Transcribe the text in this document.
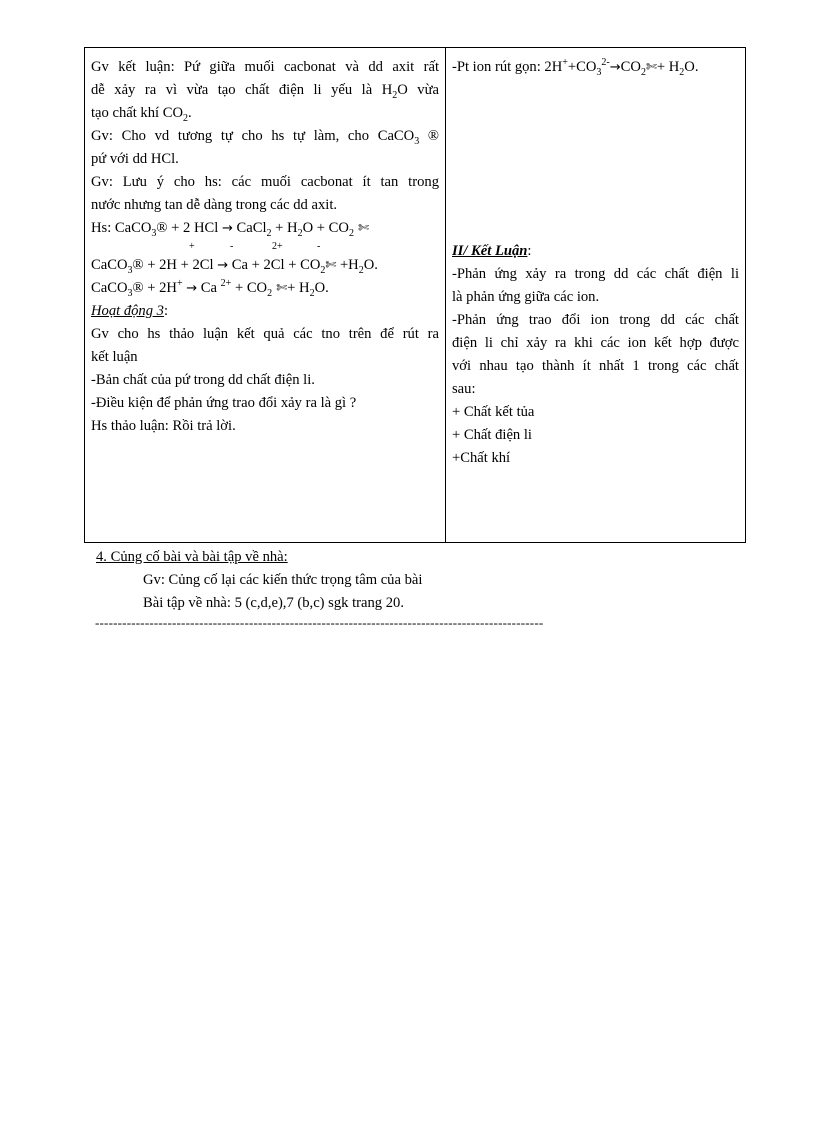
Gv kết luận: Pứ giữa muối cacbonat và dd axit rất
dễ xảy ra vì vừa tạo chất điện li yếu là $H_2O$ vừa
tạo chất khí $CO_2$.
Gv: Cho vd tương tự cho hs tự làm, cho CaCO$_3$ ®
pứ với dd HCl.
Gv: Lưu ý cho hs: các muối cacbonat ít tan trong
nước nhưng tan dễ dàng trong các dd axit.
Hs: CaCO$_3$® + 2 HCl → CaCl$_2$ + $H_2O + CO_2$ ✄
+	-	2+	-
CaCO$_3$® + $2H + 2Cl \to Ca + 2Cl + CO_2✄ +H_2O$.
CaCO$_3$® + 2H+ → Ca $^{2+} + CO_2$ ✄+ $H_2O$.
Hoạt động 3:
Gv cho hs thảo luận kết quả các tno trên để rút ra
kết luận
-Bản chất của pứ trong dd chất điện li.
-Điều kiện để phản ứng trao đổi xảy ra là gì ?
Hs thảo luận: Rồi trả lời.

-Pt ion rút gọn: $2H^++CO_3^{2-}\to CO_2✄+ H_2O$.
II/ Kết Luận:
-Phản ứng xảy ra trong dd các chất điện li
là phản ứng giữa các ion.
-Phản ứng trao đổi ion trong dd các chất
điện li chỉ xảy ra khi các ion kết hợp được
với nhau tạo thành ít nhất 1 trong các chất
sau:
+ Chất kết tủa
+ Chất điện li
+Chất khí
4. Củng cố bài và bài tập về nhà:
Gv: Củng cố lại các kiến thức trọng tâm của bài
Bài tập về nhà: 5 (c,d,e),7 (b,c) sgk trang 20.
---------------------------------------------------------------------------------------------------
